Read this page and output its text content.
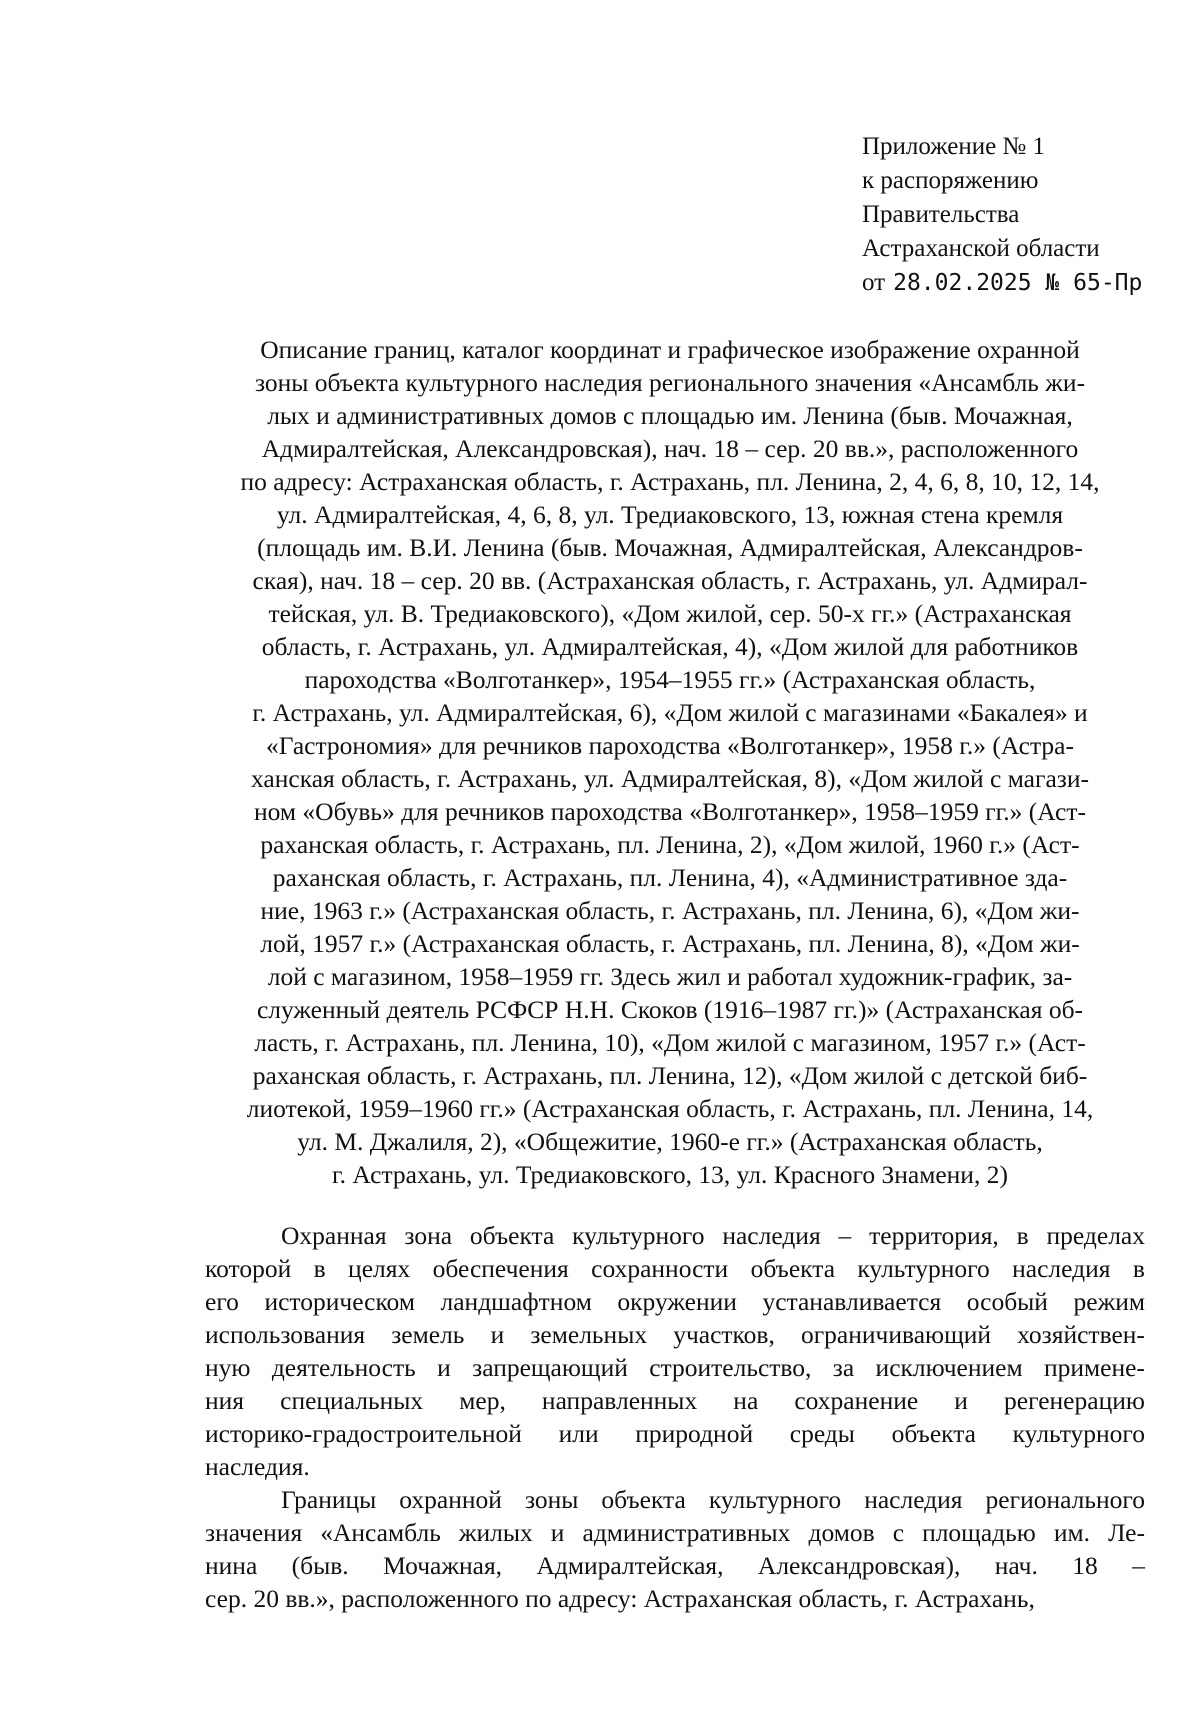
Приложение № 1
к распоряжению
Правительства
Астраханской области
от 28.02.2025 № 65-Пр
Описание границ, каталог координат и графическое изображение охранной
зоны объекта культурного наследия регионального значения «Ансамбль жи-
лых и административных домов с площадью им. Ленина (быв. Мочажная,
Адмиралтейская, Александровская), нач. 18 – сер. 20 вв.», расположенного
по адресу: Астраханская область, г. Астрахань, пл. Ленина, 2, 4, 6, 8, 10, 12, 14,
ул. Адмиралтейская, 4, 6, 8, ул. Тредиаковского, 13, южная стена кремля
(площадь им. В.И. Ленина (быв. Мочажная, Адмиралтейская, Александров-
ская), нач. 18 – сер. 20 вв. (Астраханская область, г. Астрахань, ул. Адмирал-
тейская, ул. В. Тредиаковского), «Дом жилой, сер. 50-х гг.» (Астраханская
область, г. Астрахань, ул. Адмиралтейская, 4), «Дом жилой для работников
пароходства «Волготанкер», 1954–1955 гг.» (Астраханская область,
г. Астрахань, ул. Адмиралтейская, 6), «Дом жилой с магазинами «Бакалея» и
«Гастрономия» для речников пароходства «Волготанкер», 1958 г.» (Астра-
ханская область, г. Астрахань, ул. Адмиралтейская, 8), «Дом жилой с магази-
ном «Обувь» для речников пароходства «Волготанкер», 1958–1959 гг.» (Аст-
раханская область, г. Астрахань, пл. Ленина, 2), «Дом жилой, 1960 г.» (Аст-
раханская область, г. Астрахань, пл. Ленина, 4), «Административное зда-
ние, 1963 г.» (Астраханская область, г. Астрахань, пл. Ленина, 6), «Дом жи-
лой, 1957 г.» (Астраханская область, г. Астрахань, пл. Ленина, 8), «Дом жи-
лой с магазином, 1958–1959 гг. Здесь жил и работал художник-график, за-
служенный деятель РСФСР Н.Н. Скоков (1916–1987 гг.)» (Астраханская об-
ласть, г. Астрахань, пл. Ленина, 10), «Дом жилой с магазином, 1957 г.» (Аст-
раханская область, г. Астрахань, пл. Ленина, 12), «Дом жилой с детской биб-
лиотекой, 1959–1960 гг.» (Астраханская область, г. Астрахань, пл. Ленина, 14,
ул. М. Джалиля, 2), «Общежитие, 1960-е гг.» (Астраханская область,
г. Астрахань, ул. Тредиаковского, 13, ул. Красного Знамени, 2)
Охранная зона объекта культурного наследия – территория, в пределах
которой в целях обеспечения сохранности объекта культурного наследия в
его историческом ландшафтном окружении устанавливается особый режим
использования земель и земельных участков, ограничивающий хозяйствен-
ную деятельность и запрещающий строительство, за исключением примене-
ния специальных мер, направленных на сохранение и регенерацию
историко-градостроительной или природной среды объекта культурного
наследия.
Границы охранной зоны объекта культурного наследия регионального
значения «Ансамбль жилых и административных домов с площадью им. Ле-
нина (быв. Мочажная, Адмиралтейская, Александровская), нач. 18 –
сер. 20 вв.», расположенного по адресу: Астраханская область, г. Астрахань,
